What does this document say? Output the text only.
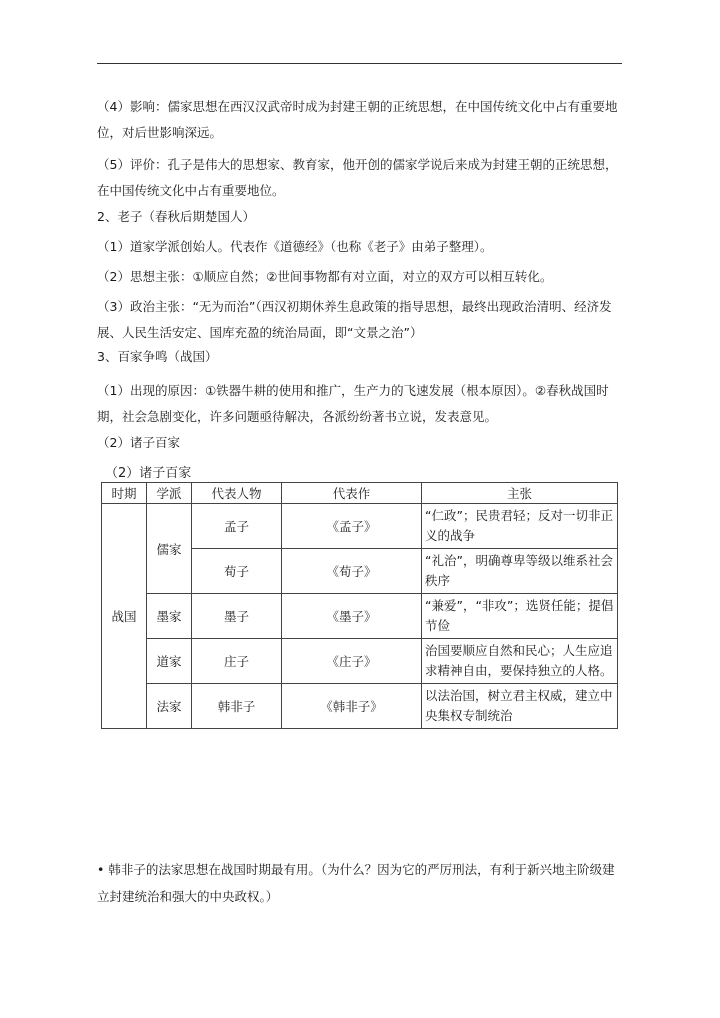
（4）影响：儒家思想在西汉汉武帝时成为封建王朝的正统思想，在中国传统文化中占有重要地位，对后世影响深远。

（5）评价：孔子是伟大的思想家、教育家，他开创的儒家学说后来成为封建王朝的正统思想，在中国传统文化中占有重要地位。

2、老子（春秋后期楚国人）

（1）道家学派创始人。代表作《道德经》（也称《老子》由弟子整理）。

（2）思想主张：①顺应自然；②世间事物都有对立面，对立的双方可以相互转化。

（3）政治主张：“无为而治”（西汉初期休养生息政策的指导思想，最终出现政治清明、经济发展、人民生活安定、国库充盈的统治局面，即“文景之治”）

3、百家争鸣（战国）

（1）出现的原因：①铁器牛耕的使用和推广，生产力的飞速发展（根本原因）。②春秋战国时期，社会急剧变化，许多问题亟待解决，各派纷纷著书立说，发表意见。

（2）诸子百家

（2）诸子百家
时期	学派	代表人物	代表作	主张
战国	儒家	孟子	《孟子》	“仁政”；民贵君轻；反对一切非正义的战争
		荀子	《荀子》	“礼治”，明确尊卑等级以维系社会秩序
	墨家	墨子	《墨子》	“兼爱”，“非攻”；选贤任能；提倡节俭
	道家	庄子	《庄子》	治国要顺应自然和民心；人生应追求精神自由，要保持独立的人格。
	法家	韩非子	《韩非子》	以法治国，树立君主权威，建立中央集权专制统治

• 韩非子的法家思想在战国时期最有用。（为什么？因为它的严厉刑法，有利于新兴地主阶级建立封建统治和强大的中央政权。）
